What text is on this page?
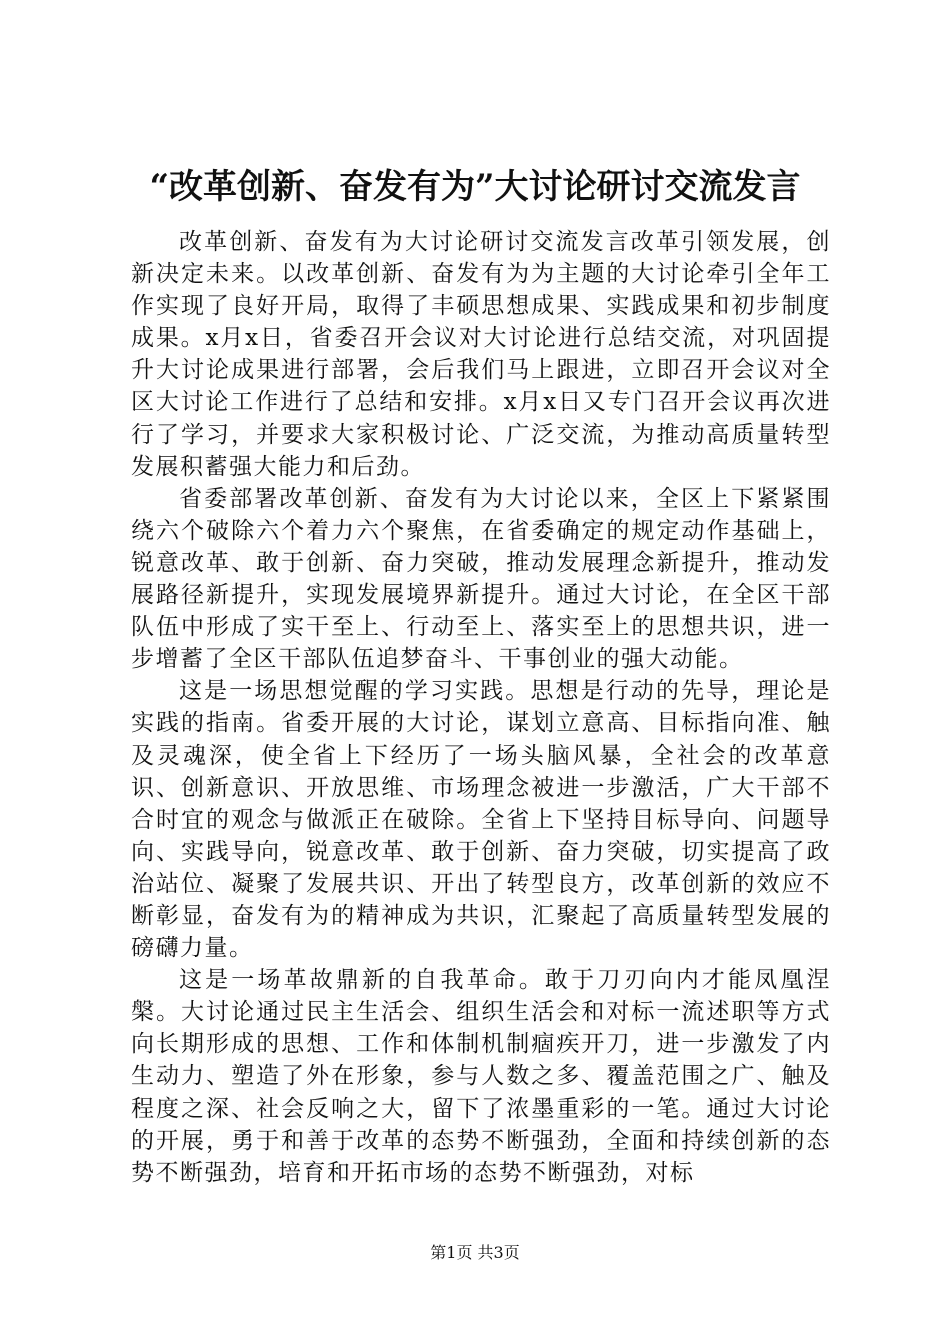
“改革创新、奋发有为”大讨论研讨交流发言

改革创新、奋发有为大讨论研讨交流发言改革引领发展，创新决定未来。以改革创新、奋发有为为主题的大讨论牵引全年工作实现了良好开局，取得了丰硕思想成果、实践成果和初步制度成果。x月x日，省委召开会议对大讨论进行总结交流，对巩固提升大讨论成果进行部署，会后我们马上跟进，立即召开会议对全区大讨论工作进行了总结和安排。x月x日又专门召开会议再次进行了学习，并要求大家积极讨论、广泛交流，为推动高质量转型发展积蓄强大能力和后劲。

省委部署改革创新、奋发有为大讨论以来，全区上下紧紧围绕六个破除六个着力六个聚焦，在省委确定的规定动作基础上，锐意改革、敢于创新、奋力突破，推动发展理念新提升，推动发展路径新提升，实现发展境界新提升。通过大讨论，在全区干部队伍中形成了实干至上、行动至上、落实至上的思想共识，进一步增蓄了全区干部队伍追梦奋斗、干事创业的强大动能。

这是一场思想觉醒的学习实践。思想是行动的先导，理论是实践的指南。省委开展的大讨论，谋划立意高、目标指向准、触及灵魂深，使全省上下经历了一场头脑风暴，全社会的改革意识、创新意识、开放思维、市场理念被进一步激活，广大干部不合时宜的观念与做派正在破除。全省上下坚持目标导向、问题导向、实践导向，锐意改革、敢于创新、奋力突破，切实提高了政治站位、凝聚了发展共识、开出了转型良方，改革创新的效应不断彰显，奋发有为的精神成为共识，汇聚起了高质量转型发展的磅礴力量。

这是一场革故鼎新的自我革命。敢于刀刃向内才能凤凰涅槃。大讨论通过民主生活会、组织生活会和对标一流述职等方式向长期形成的思想、工作和体制机制痼疾开刀，进一步激发了内生动力、塑造了外在形象，参与人数之多、覆盖范围之广、触及程度之深、社会反响之大，留下了浓墨重彩的一笔。通过大讨论的开展，勇于和善于改革的态势不断强劲，全面和持续创新的态势不断强劲，培育和开拓市场的态势不断强劲，对标

第1页 共3页
